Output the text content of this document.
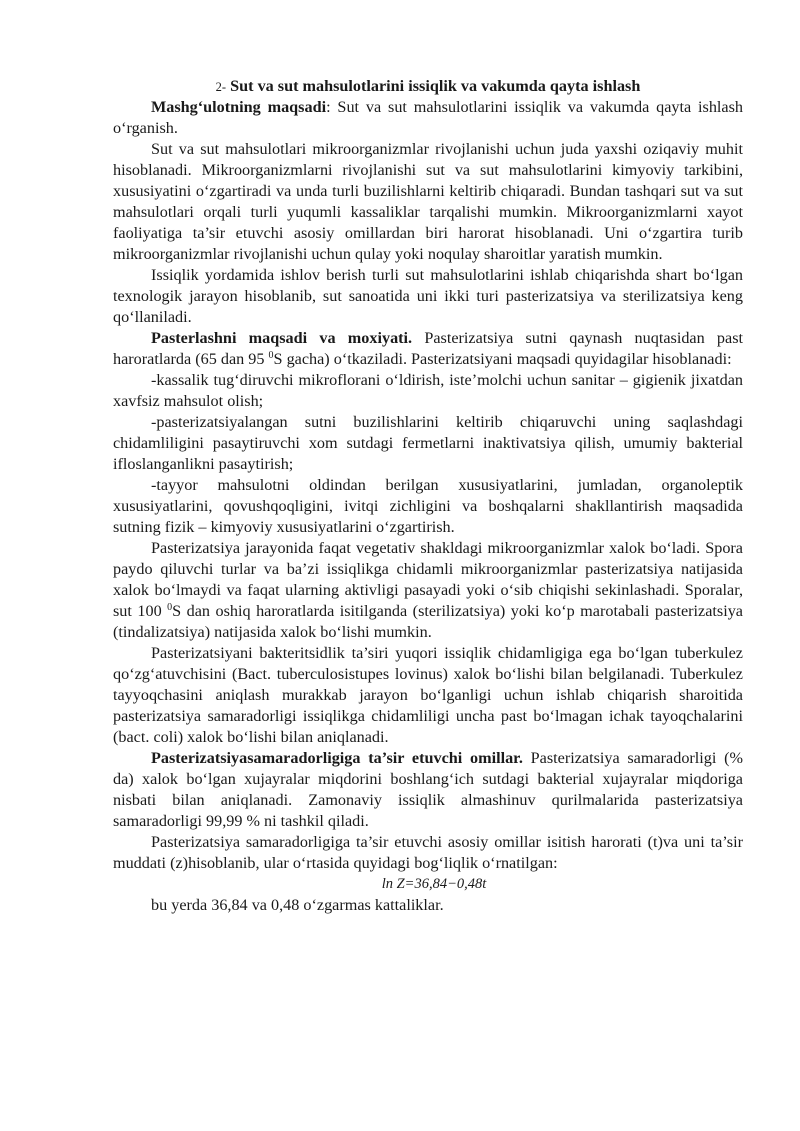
2- Sut va sut mahsulotlarini issiqlik va vakumda qayta ishlash

Mashg‘ulotning maqsadi: Sut va sut mahsulotlarini issiqlik va vakumda qayta ishlash o‘rganish.

Sut va sut mahsulotlari mikroorganizmlar rivojlanishi uchun juda yaxshi oziqaviy muhit hisoblanadi. Mikroorganizmlarni rivojlanishi sut va sut mahsulotlarini kimyoviy tarkibini, xususiyatini o‘zgartiradi va unda turli buzilishlarni keltirib chiqaradi. Bundan tashqari sut va sut mahsulotlari orqali turli yuqumli kassaliklar tarqalishi mumkin. Mikroorganizmlarni xayot faoliyatiga ta’sir etuvchi asosiy omillardan biri harorat hisoblanadi. Uni o‘zgartira turib mikroorganizmlar rivojlanishi uchun qulay yoki noqulay sharoitlar yaratish mumkin.

Issiqlik yordamida ishlov berish turli sut mahsulotlarini ishlab chiqarishda shart bo‘lgan texnologik jarayon hisoblanib, sut sanoatida uni ikki turi pasterizatsiya va sterilizatsiya keng qo‘llaniladi.

Pasterlashni maqsadi va moxiyati. Pasterizatsiya sutni qaynash nuqtasidan past haroratlarda (65 dan 95 $^0$S gacha) o‘tkaziladi. Pasterizatsiyani maqsadi quyidagilar hisoblanadi:

-kassalik tug‘diruvchi mikroflorani o‘ldirish, iste’molchi uchun sanitar – gigienik jixatdan xavfsiz mahsulot olish;

-pasterizatsiyalangan sutni buzilishlarini keltirib chiqaruvchi uning saqlashdagi chidamliligini pasaytiruvchi xom sutdagi fermetlarni inaktivatsiya qilish, umumiy bakterial ifloslanganlikni pasaytirish;

-tayyor mahsulotni oldindan berilgan xususiyatlarini, jumladan, organoleptik xususiyatlarini, qovushqoqligini, ivitqi zichligini va boshqalarni shakllantirish maqsadida sutning fizik – kimyoviy xususiyatlarini o‘zgartirish.

Pasterizatsiya jarayonida faqat vegetativ shakldagi mikroorganizmlar xalok bo‘ladi. Spora paydo qiluvchi turlar va ba’zi issiqlikga chidamli mikroorganizmlar pasterizatsiya natijasida xalok bo‘lmaydi va faqat ularning aktivligi pasayadi yoki o‘sib chiqishi sekinlashadi. Sporalar, sut 100 $^0$S dan oshiq haroratlarda isitilganda (sterilizatsiya) yoki ko‘p marotabali pasterizatsiya (tindalizatsiya) natijasida xalok bo‘lishi mumkin.

Pasterizatsiyani bakteritsidlik ta’siri yuqori issiqlik chidamligiga ega bo‘lgan tuberkulez qo‘zg‘atuvchisini (Bact. tuberculosistupes lovinus) xalok bo‘lishi bilan belgilanadi. Tuberkulez tayyoqchasini aniqlash murakkab jarayon bo‘lganligi uchun ishlab chiqarish sharoitida pasterizatsiya samaradorligi issiqlikga chidamliligi uncha past bo‘lmagan ichak tayoqchalarini (bact. coli) xalok bo‘lishi bilan aniqlanadi.

Pasterizatsiyasamaradorligiga ta’sir etuvchi omillar. Pasterizatsiya samaradorligi (% da) xalok bo‘lgan xujayralar miqdorini boshlang‘ich sutdagi bakterial xujayralar miqdoriga nisbati bilan aniqlanadi. Zamonaviy issiqlik almashinuv qurilmalarida pasterizatsiya samaradorligi 99,99 % ni tashkil qiladi.

Pasterizatsiya samaradorligiga ta’sir etuvchi asosiy omillar isitish harorati (t)va uni ta’sir muddati (z)hisoblanib, ular o‘rtasida quyidagi bog‘liqlik o‘rnatilgan:

ln Z=36,84−0,48t

bu yerda 36,84 va 0,48 o‘zgarmas kattaliklar.
